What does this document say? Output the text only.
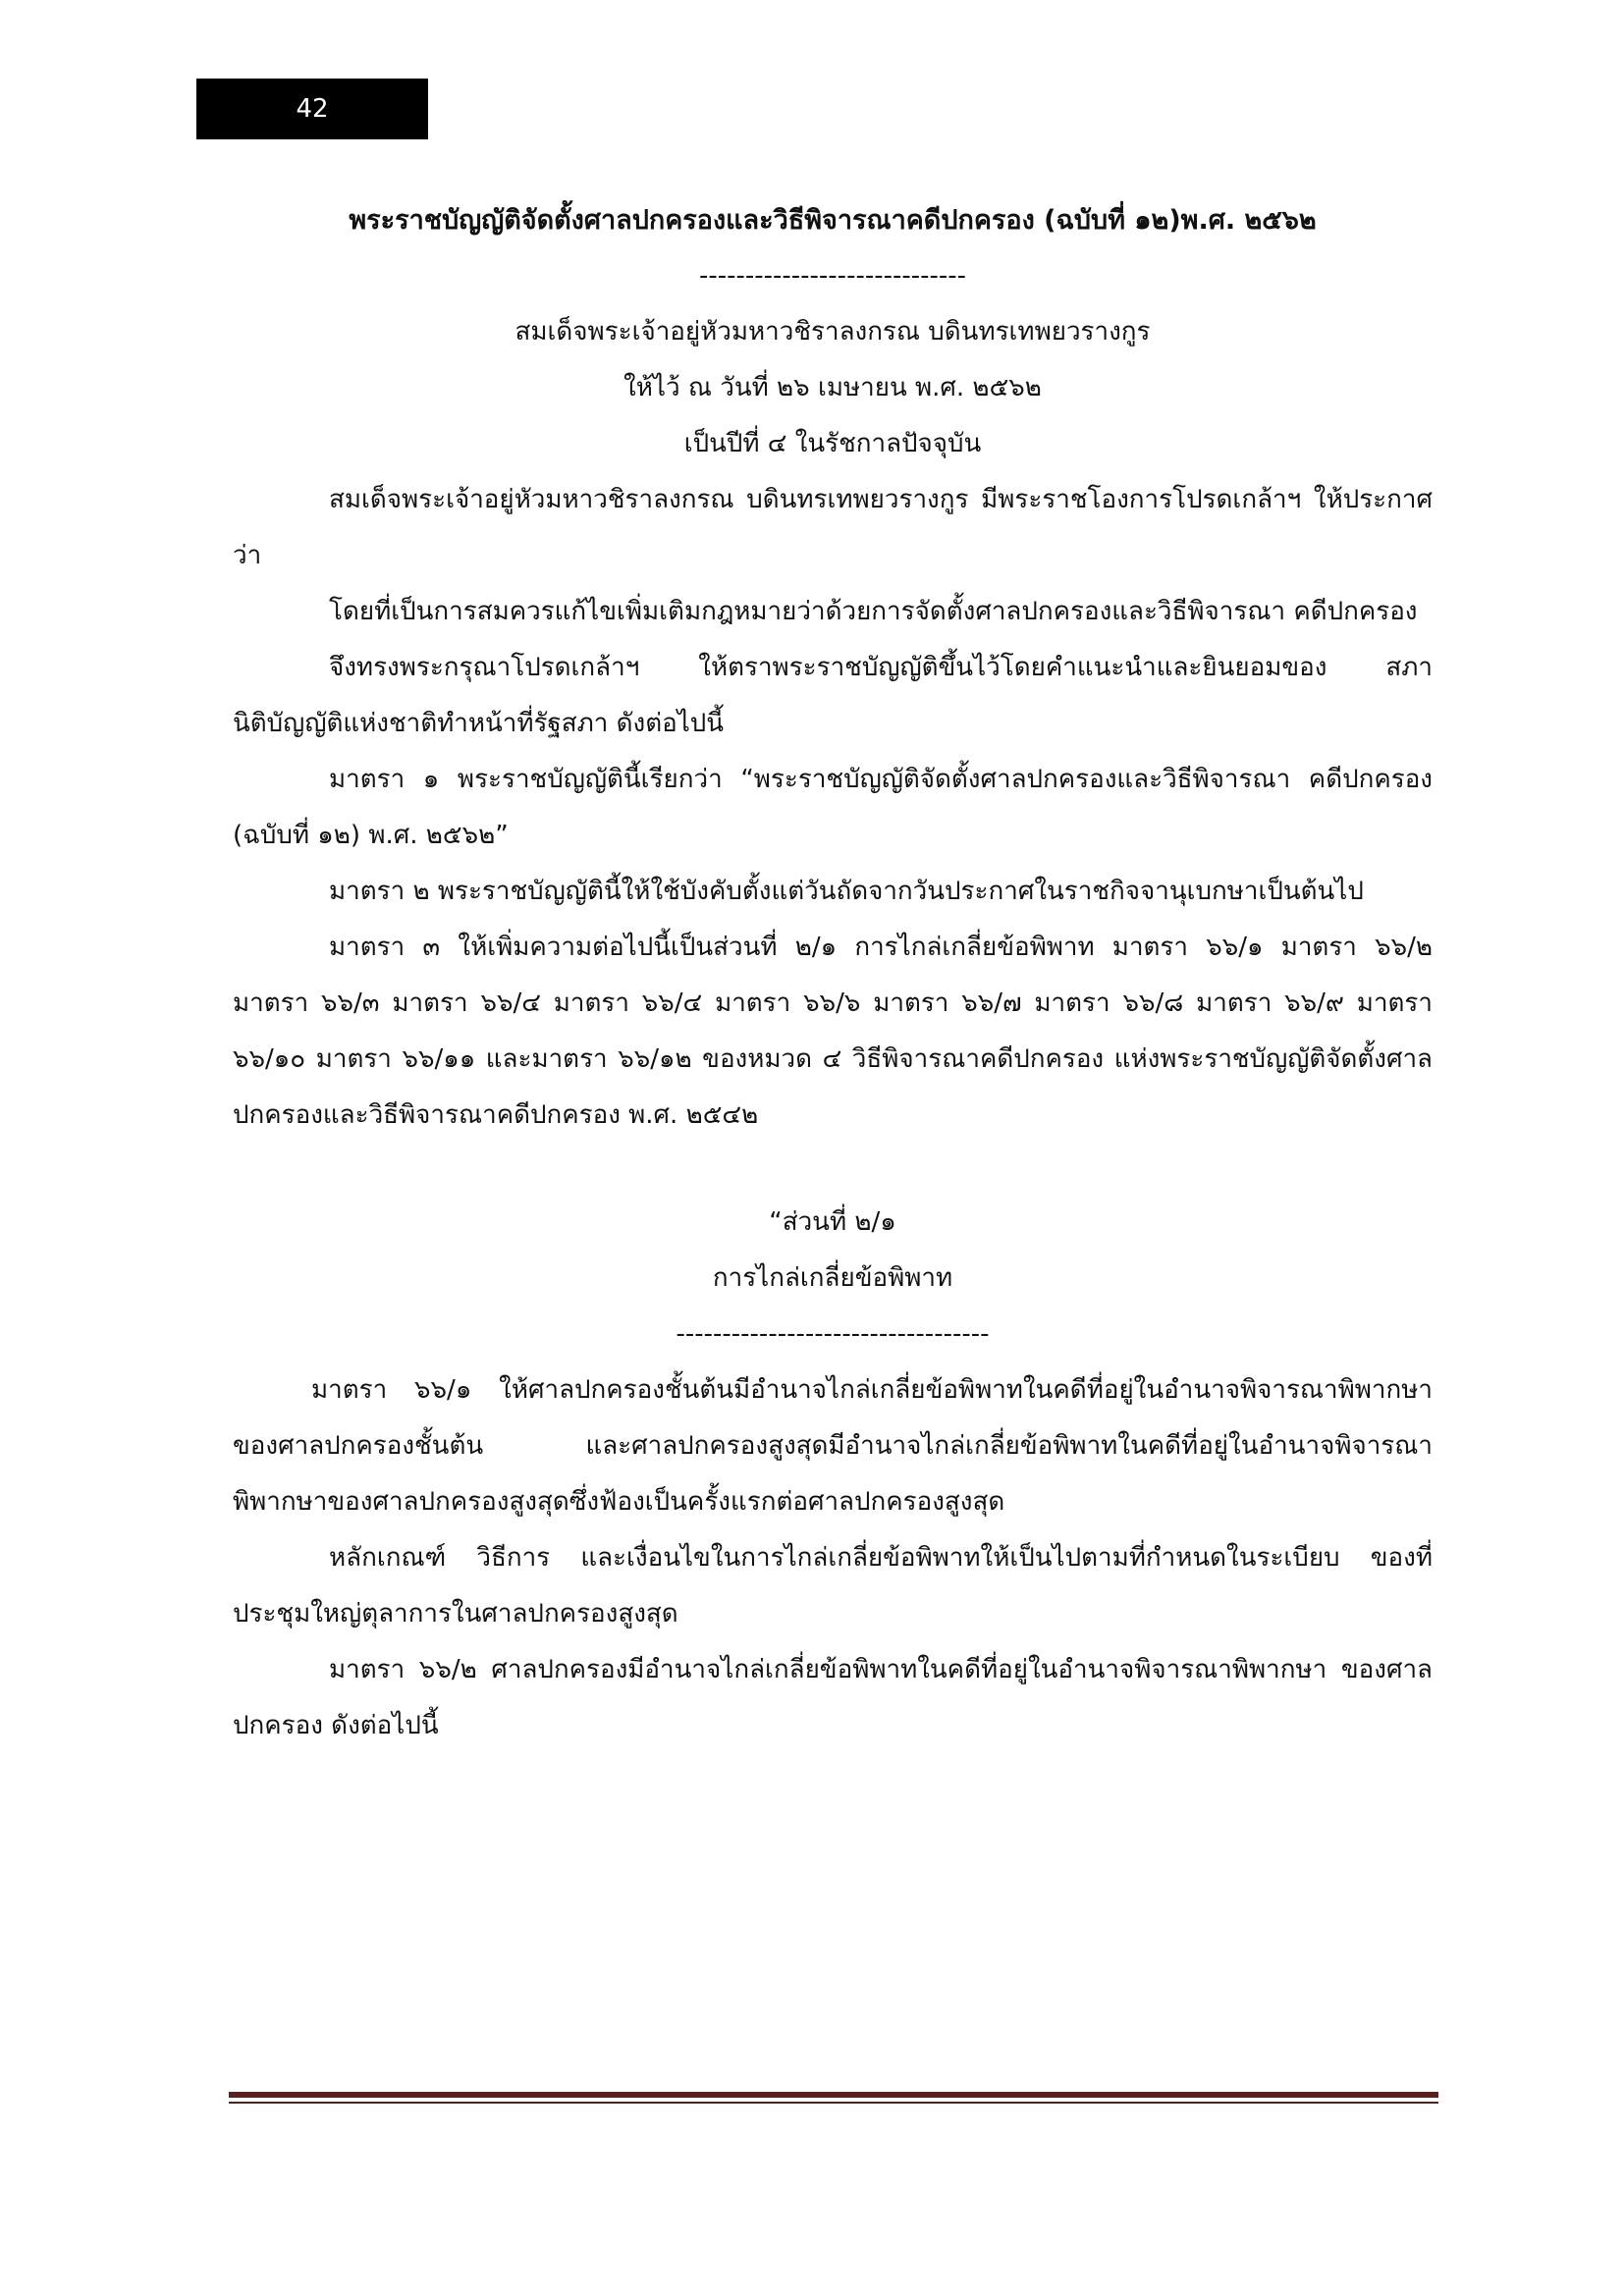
42
พระราชบัญญัติจัดตั้งศาลปกครองและวิธีพิจารณาคดีปกครอง (ฉบับที่ ๑๒)พ.ศ. ๒๕๖๒
-----------------------------
สมเด็จพระเจ้าอยู่หัวมหาวชิราลงกรณ บดินทรเทพยวรางกูร
ให้ไว้ ณ วันที่ ๒๖ เมษายน พ.ศ. ๒๕๖๒
เป็นปีที่ ๔ ในรัชกาลปัจจุบัน

สมเด็จพระเจ้าอยู่หัวมหาวชิราลงกรณ บดินทรเทพยวรางกูร มีพระราชโองการโปรดเกล้าฯ ให้ประกาศว่า

โดยที่เป็นการสมควรแก้ไขเพิ่มเติมกฎหมายว่าด้วยการจัดตั้งศาลปกครองและวิธีพิจารณา คดีปกครอง

จึงทรงพระกรุณาโปรดเกล้าฯ ให้ตราพระราชบัญญัติขึ้นไว้โดยคำแนะนำและยินยอมของ สภานิติบัญญัติแห่งชาติทำหน้าที่รัฐสภา ดังต่อไปนี้

มาตรา ๑ พระราชบัญญัตินี้เรียกว่า “พระราชบัญญัติจัดตั้งศาลปกครองและวิธีพิจารณา คดีปกครอง (ฉบับที่ ๑๒) พ.ศ. ๒๕๖๒”

มาตรา ๒ พระราชบัญญัตินี้ให้ใช้บังคับตั้งแต่วันถัดจากวันประกาศในราชกิจจานุเบกษาเป็นต้นไป

มาตรา ๓ ให้เพิ่มความต่อไปนี้เป็นส่วนที่ ๒/๑ การไกล่เกลี่ยข้อพิพาท มาตรา ๖๖/๑ มาตรา ๖๖/๒ มาตรา ๖๖/๓ มาตรา ๖๖/๔ มาตรา ๖๖/๔ มาตรา ๖๖/๖ มาตรา ๖๖/๗ มาตรา ๖๖/๘ มาตรา ๖๖/๙ มาตรา ๖๖/๑๐ มาตรา ๖๖/๑๑ และมาตรา ๖๖/๑๒ ของหมวด ๔ วิธีพิจารณาคดีปกครอง แห่งพระราชบัญญัติจัดตั้งศาลปกครองและวิธีพิจารณาคดีปกครอง พ.ศ. ๒๕๔๒

“ส่วนที่ ๒/๑
การไกล่เกลี่ยข้อพิพาท
----------------------------------

มาตรา ๖๖/๑ ให้ศาลปกครองชั้นต้นมีอำนาจไกล่เกลี่ยข้อพิพาทในคดีที่อยู่ในอำนาจพิจารณาพิพากษาของศาลปกครองชั้นต้น และศาลปกครองสูงสุดมีอำนาจไกล่เกลี่ยข้อพิพาทในคดีที่อยู่ในอำนาจพิจารณาพิพากษาของศาลปกครองสูงสุดซึ่งฟ้องเป็นครั้งแรกต่อศาลปกครองสูงสุด

หลักเกณฑ์ วิธีการ และเงื่อนไขในการไกล่เกลี่ยข้อพิพาทให้เป็นไปตามที่กำหนดในระเบียบ ของที่ประชุมใหญ่ตุลาการในศาลปกครองสูงสุด

มาตรา ๖๖/๒ ศาลปกครองมีอำนาจไกล่เกลี่ยข้อพิพาทในคดีที่อยู่ในอำนาจพิจารณาพิพากษา ของศาลปกครอง ดังต่อไปนี้
